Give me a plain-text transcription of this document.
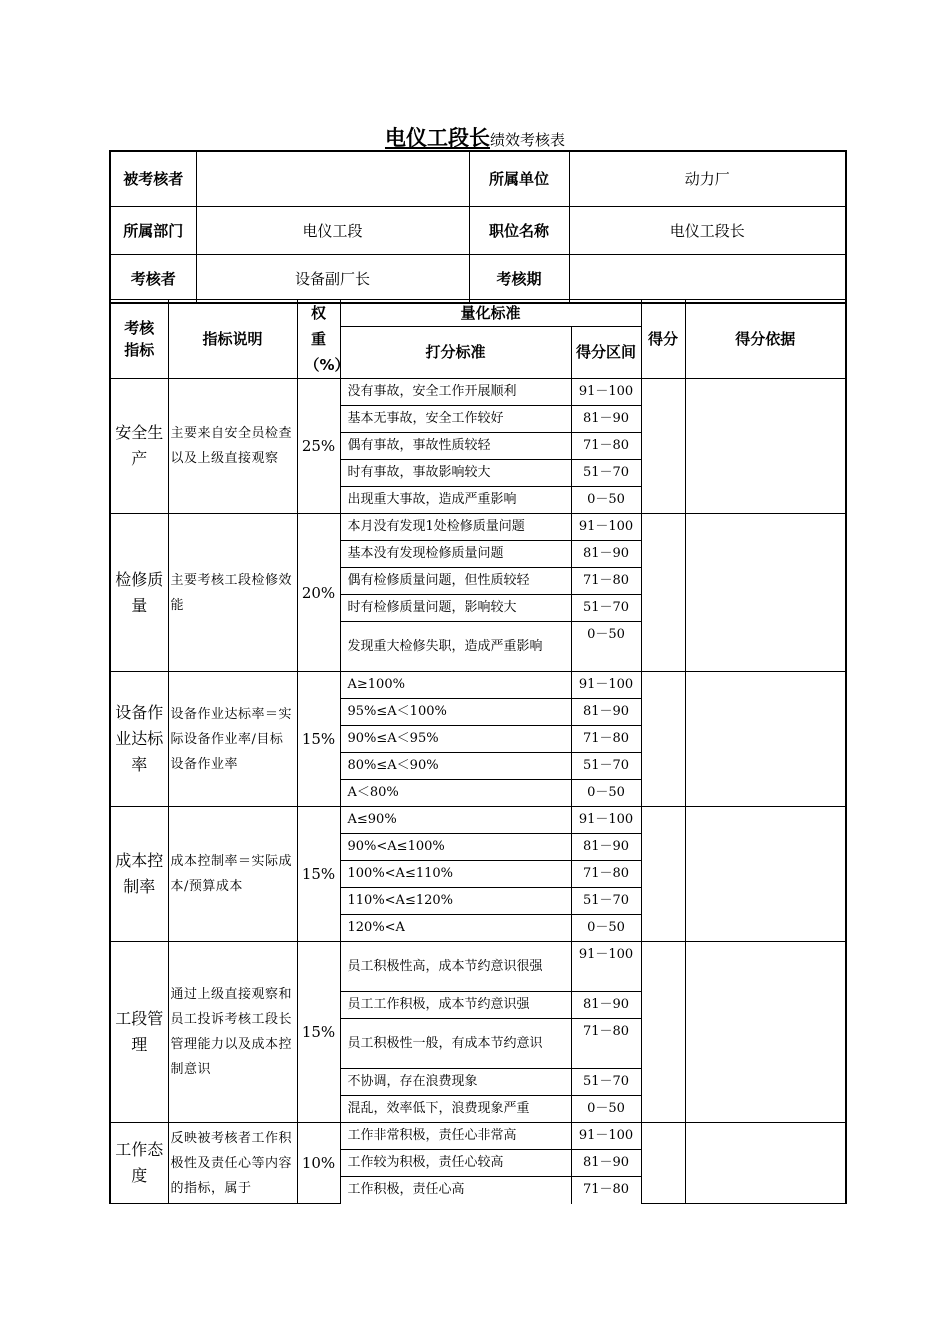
电仪工段长绩效考核表
被考核者		所属单位	动力厂
所属部门	电仪工段	职位名称	电仪工段长
考核者	设备副厂长	考核期	
考核指标	指标说明	权重（%）	量化标准		得分	得分依据
			打分标准	得分区间		
安全生产	主要来自安全员检查以及上级直接观察	25%	没有事故，安全工作开展顺利	91－100		
			基本无事故，安全工作较好	81－90		
			偶有事故，事故性质较轻	71－80		
			时有事故，事故影响较大	51－70		
			出现重大事故，造成严重影响	0－50		
检修质量	主要考核工段检修效能	20%	本月没有发现1处检修质量问题	91－100		
			基本没有发现检修质量问题	81－90		
			偶有检修质量问题，但性质较轻	71－80		
			时有检修质量问题，影响较大	51－70		
			发现重大检修失职，造成严重影响	0－50		
设备作业达标率	设备作业达标率＝实际设备作业率/目标设备作业率	15%	A≥100%	91－100		
			95%≤A＜100%	81－90		
			90%≤A＜95%	71－80		
			80%≤A＜90%	51－70		
			A＜80%	0－50		
成本控制率	成本控制率＝实际成本/预算成本	15%	A≤90%	91－100		
			90%<A≤100%	81－90		
			100%<A≤110%	71－80		
			110%<A≤120%	51－70		
			120%<A	0－50		
工段管理	通过上级直接观察和员工投诉考核工段长管理能力以及成本控制意识	15%	员工积极性高，成本节约意识很强	91－100		
			员工工作积极，成本节约意识强	81－90		
			员工积极性一般，有成本节约意识	71－80		
			不协调，存在浪费现象	51－70		
			混乱，效率低下，浪费现象严重	0－50		
工作态度	反映被考核者工作积极性及责任心等内容的指标，属于	10%	工作非常积极，责任心非常高	91－100		
			工作较为积极，责任心较高	81－90		
			工作积极，责任心高	71－80		
